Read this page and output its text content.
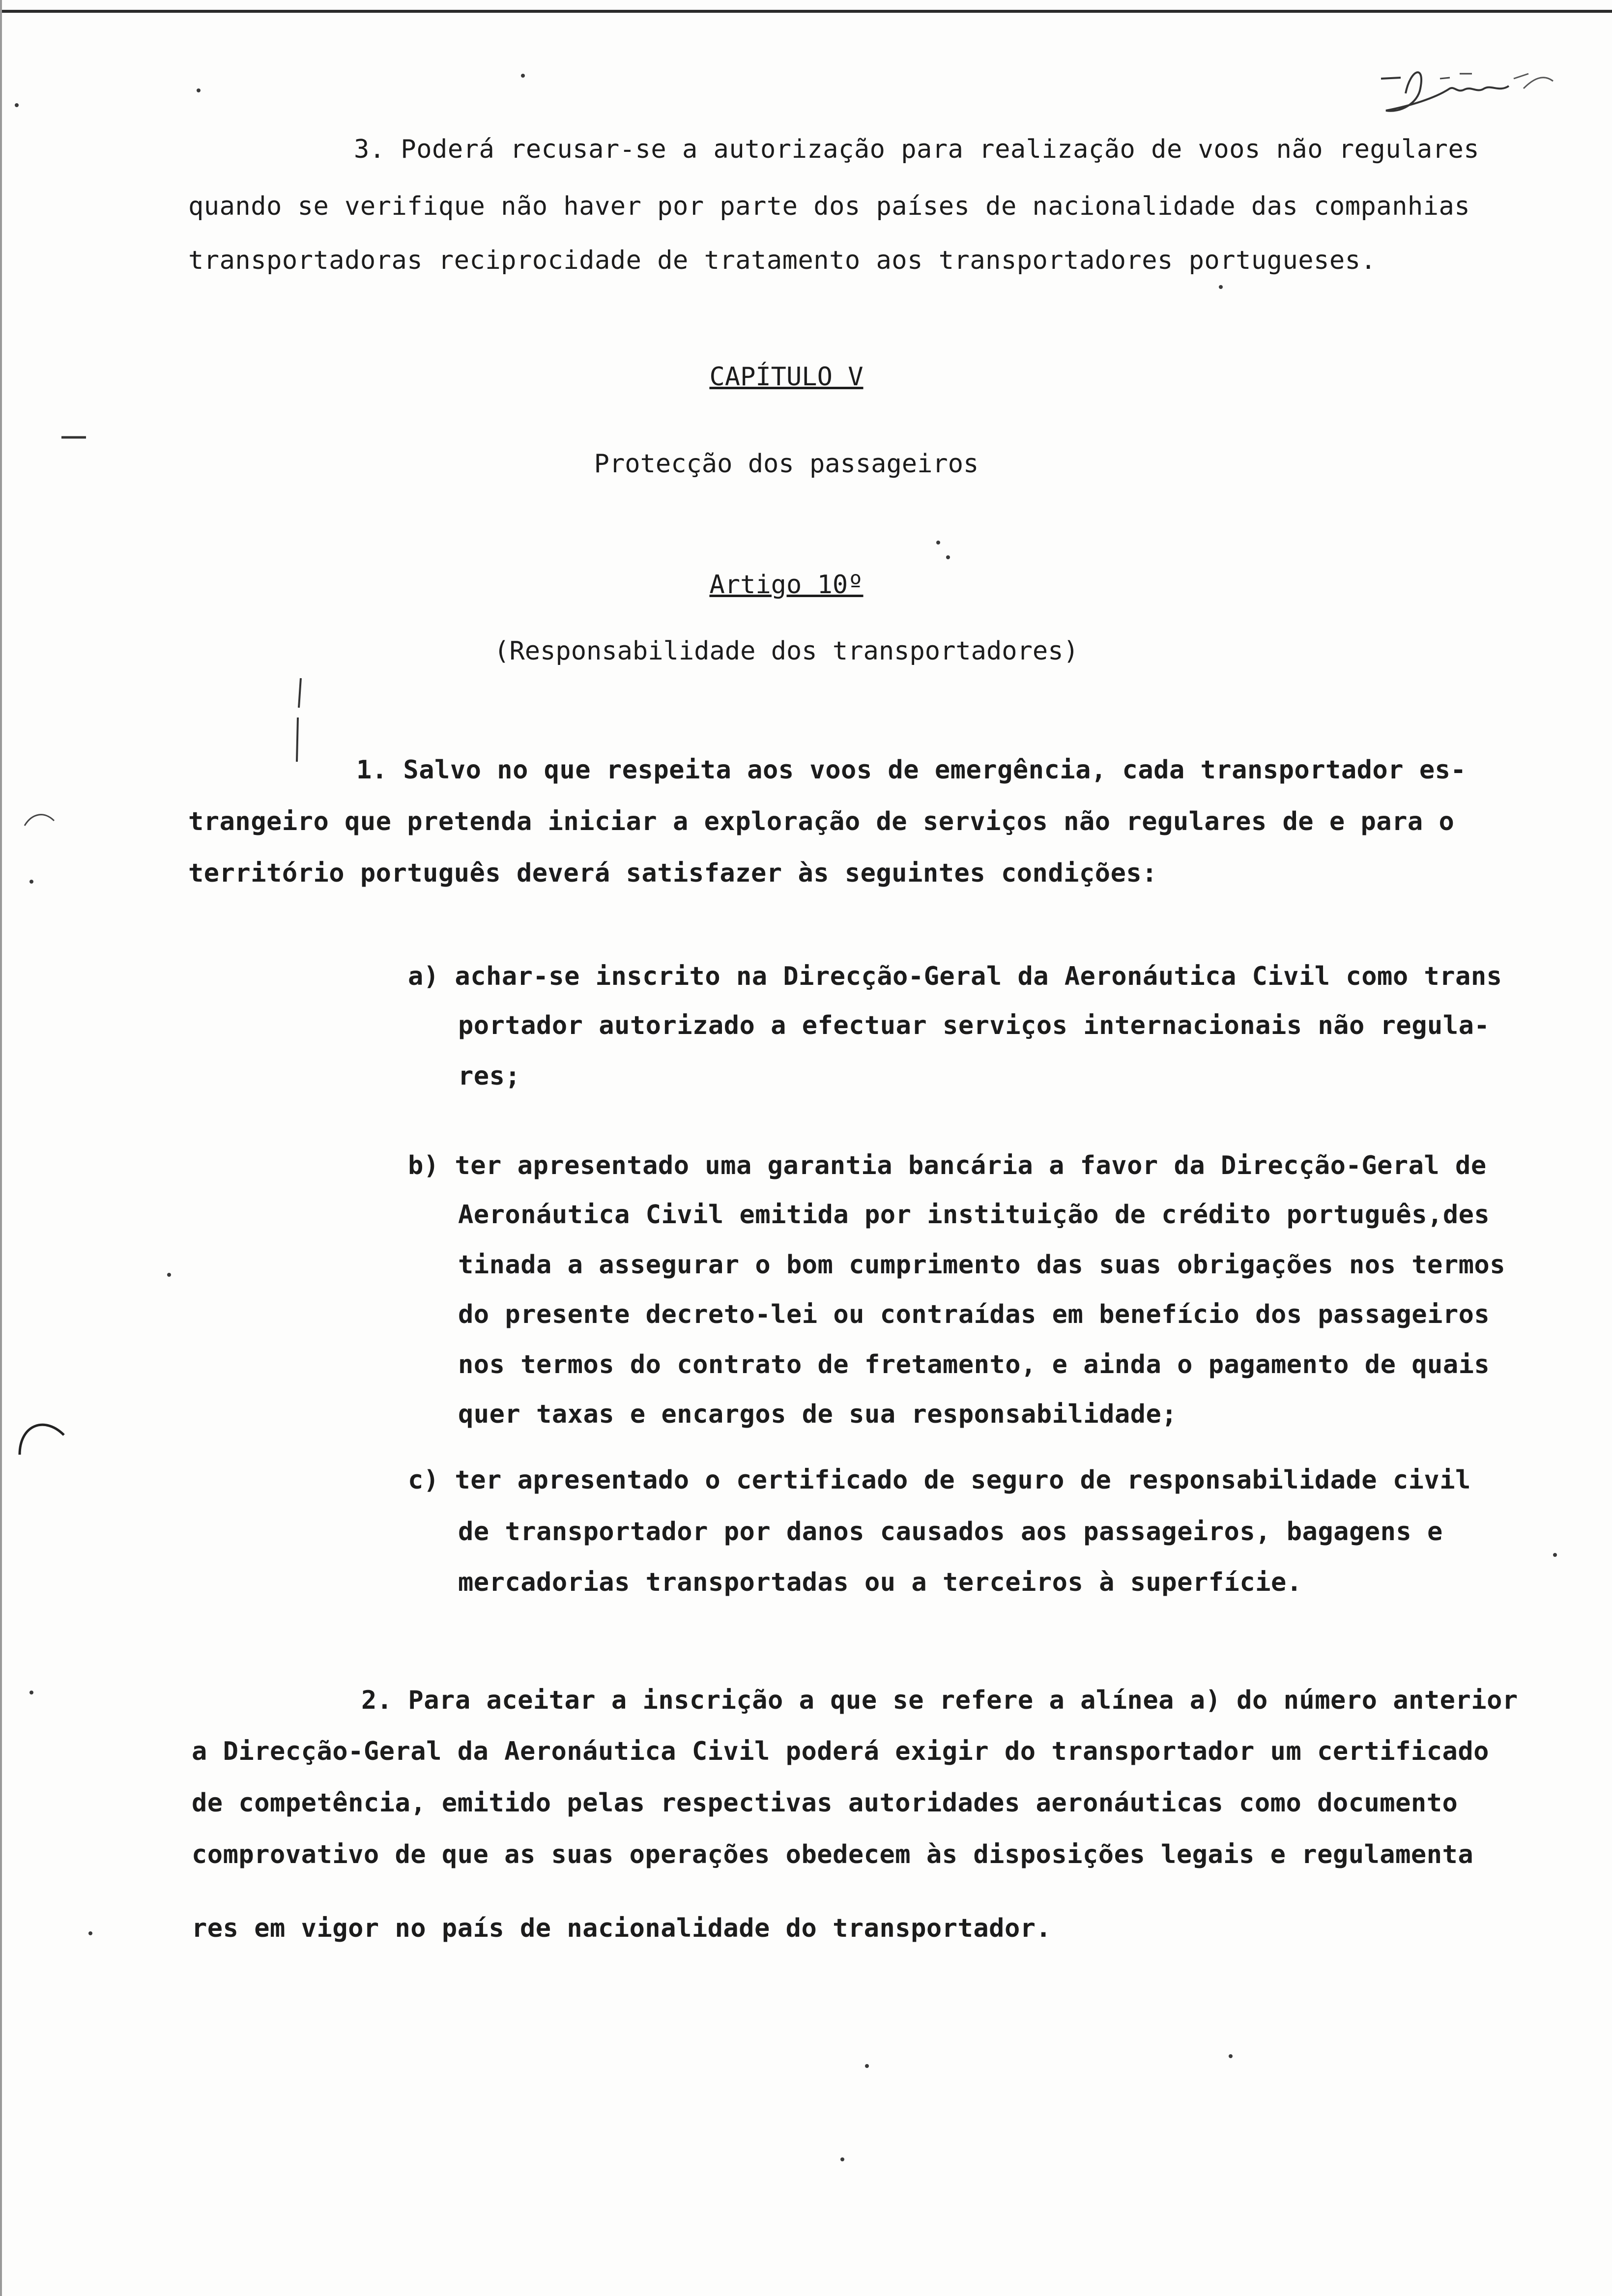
3. Poderá recusar-se a autorização para realização de voos não regulares
quando se verifique não haver por parte dos países de nacionalidade das companhias
transportadoras reciprocidade de tratamento aos transportadores portugueses.
CAPÍTULO V
Protecção dos passageiros
Artigo 10º
(Responsabilidade dos transportadores)
1. Salvo no que respeita aos voos de emergência, cada transportador es-
trangeiro que pretenda iniciar a exploração de serviços não regulares de e para o
território português deverá satisfazer às seguintes condições:
a) achar-se inscrito na Direcção-Geral da Aeronáutica Civil como trans
portador autorizado a efectuar serviços internacionais não regula-
res;
b) ter apresentado uma garantia bancária a favor da Direcção-Geral de
Aeronáutica Civil emitida por instituição de crédito português,des
tinada a assegurar o bom cumprimento das suas obrigações nos termos
do presente decreto-lei ou contraídas em benefício dos passageiros
nos termos do contrato de fretamento, e ainda o pagamento de quais
quer taxas e encargos de sua responsabilidade;
c) ter apresentado o certificado de seguro de responsabilidade civil
de transportador por danos causados aos passageiros, bagagens e
mercadorias transportadas ou a terceiros à superfície.
2. Para aceitar a inscrição a que se refere a alínea a) do número anterior
a Direcção-Geral da Aeronáutica Civil poderá exigir do transportador um certificado
de competência, emitido pelas respectivas autoridades aeronáuticas como documento
comprovativo de que as suas operações obedecem às disposições legais e regulamenta
res em vigor no país de nacionalidade do transportador.
